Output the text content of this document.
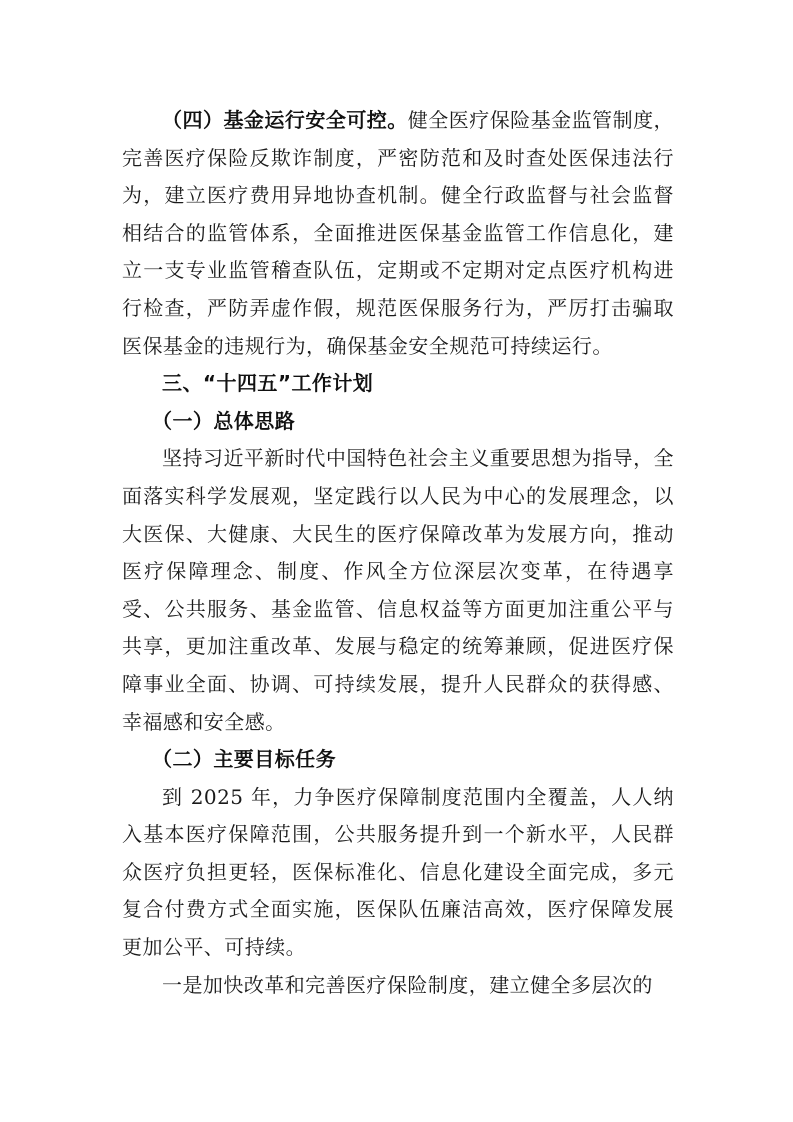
（四）基金运行安全可控。健全医疗保险基金监管制度，完善医疗保险反欺诈制度，严密防范和及时查处医保违法行为，建立医疗费用异地协查机制。健全行政监督与社会监督相结合的监管体系，全面推进医保基金监管工作信息化，建立一支专业监管稽查队伍，定期或不定期对定点医疗机构进行检查，严防弄虚作假，规范医保服务行为，严厉打击骗取医保基金的违规行为，确保基金安全规范可持续运行。

三、“十四五”工作计划

（一）总体思路

坚持习近平新时代中国特色社会主义重要思想为指导，全面落实科学发展观，坚定践行以人民为中心的发展理念，以大医保、大健康、大民生的医疗保障改革为发展方向，推动医疗保障理念、制度、作风全方位深层次变革，在待遇享受、公共服务、基金监管、信息权益等方面更加注重公平与共享，更加注重改革、发展与稳定的统筹兼顾，促进医疗保障事业全面、协调、可持续发展，提升人民群众的获得感、幸福感和安全感。

（二）主要目标任务

到 2025 年，力争医疗保障制度范围内全覆盖，人人纳入基本医疗保障范围，公共服务提升到一个新水平，人民群众医疗负担更轻，医保标准化、信息化建设全面完成，多元复合付费方式全面实施，医保队伍廉洁高效，医疗保障发展更加公平、可持续。

一是加快改革和完善医疗保险制度，建立健全多层次的
